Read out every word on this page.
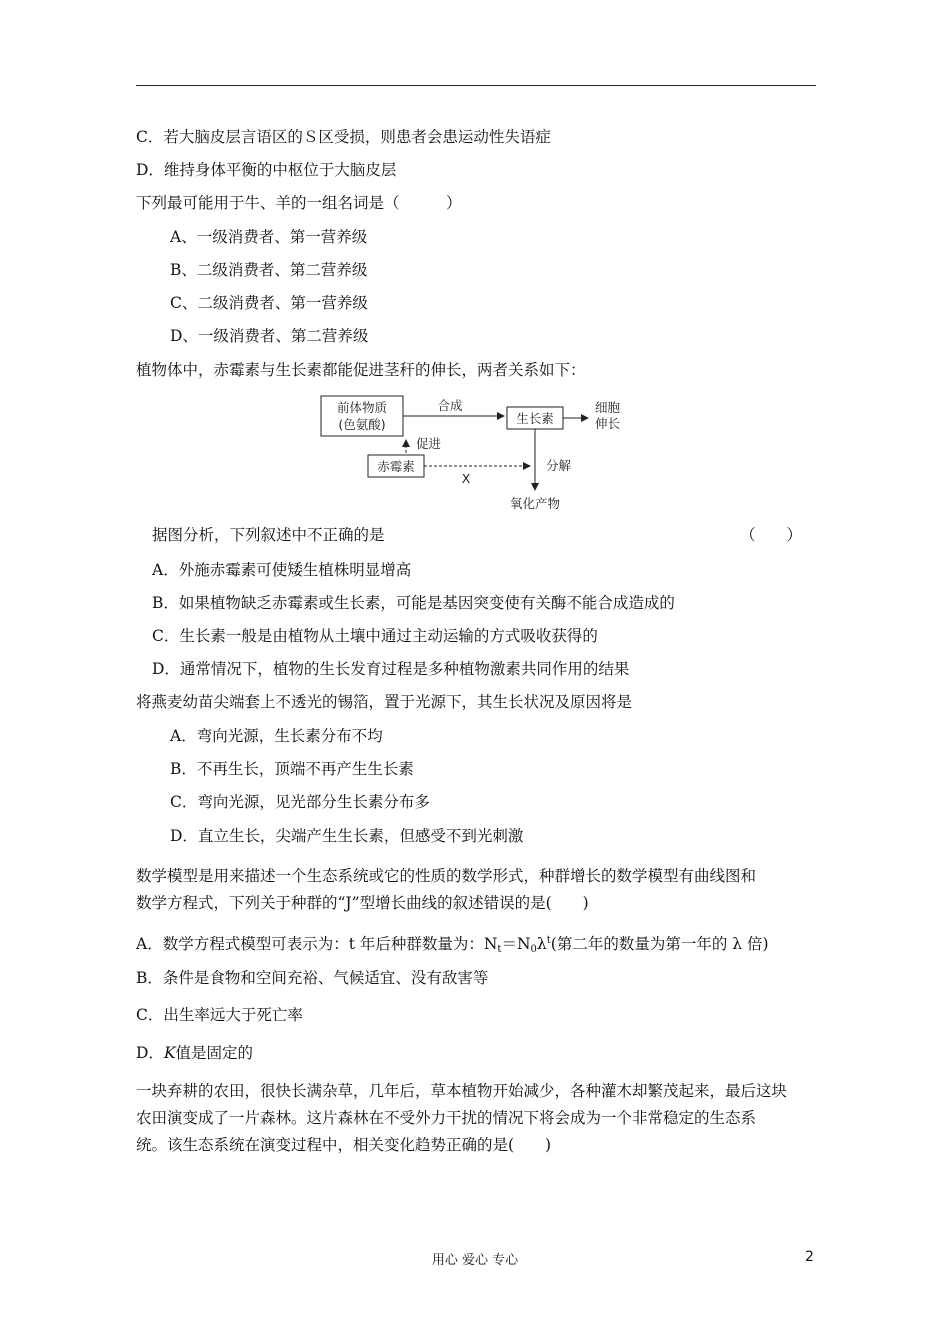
C．若大脑皮层言语区的Ｓ区受损，则患者会患运动性失语症
D．维持身体平衡的中枢位于大脑皮层
下列最可能用于牛、羊的一组名词是（　　　）
A、一级消费者、第一营养级
B、二级消费者、第二营养级
C、二级消费者、第一营养级
D、一级消费者、第二营养级
植物体中，赤霉素与生长素都能促进茎秆的伸长，两者关系如下：
前体物质
(色氨酸)
合成
生长素
细胞
伸长
促进
赤霉素
X
分解
氧化产物
据图分析，下列叙述中不正确的是	（　　）
A．外施赤霉素可使矮生植株明显增高
B．如果植物缺乏赤霉素或生长素，可能是基因突变使有关酶不能合成造成的
C．生长素一般是由植物从土壤中通过主动运输的方式吸收获得的
D．通常情况下，植物的生长发育过程是多种植物激素共同作用的结果
将燕麦幼苗尖端套上不透光的锡箔，置于光源下，其生长状况及原因将是
A．弯向光源，生长素分布不均
B．不再生长，顶端不再产生生长素
C．弯向光源，见光部分生长素分布多
D．直立生长，尖端产生生长素，但感受不到光刺激
数学模型是用来描述一个生态系统或它的性质的数学形式，种群增长的数学模型有曲线图和
数学方程式，下列关于种群的“J”型增长曲线的叙述错误的是(　　)
A．数学方程式模型可表示为：t 年后种群数量为：$N_t=N_0\lambda^t$(第二年的数量为第一年的 λ 倍)
B．条件是食物和空间充裕、气候适宜、没有敌害等
C．出生率远大于死亡率
D．K值是固定的
一块弃耕的农田，很快长满杂草，几年后，草本植物开始减少，各种灌木却繁茂起来，最后这块
农田演变成了一片森林。这片森林在不受外力干扰的情况下将会成为一个非常稳定的生态系
统。该生态系统在演变过程中，相关变化趋势正确的是(　　)
用心 爱心 专心	2
